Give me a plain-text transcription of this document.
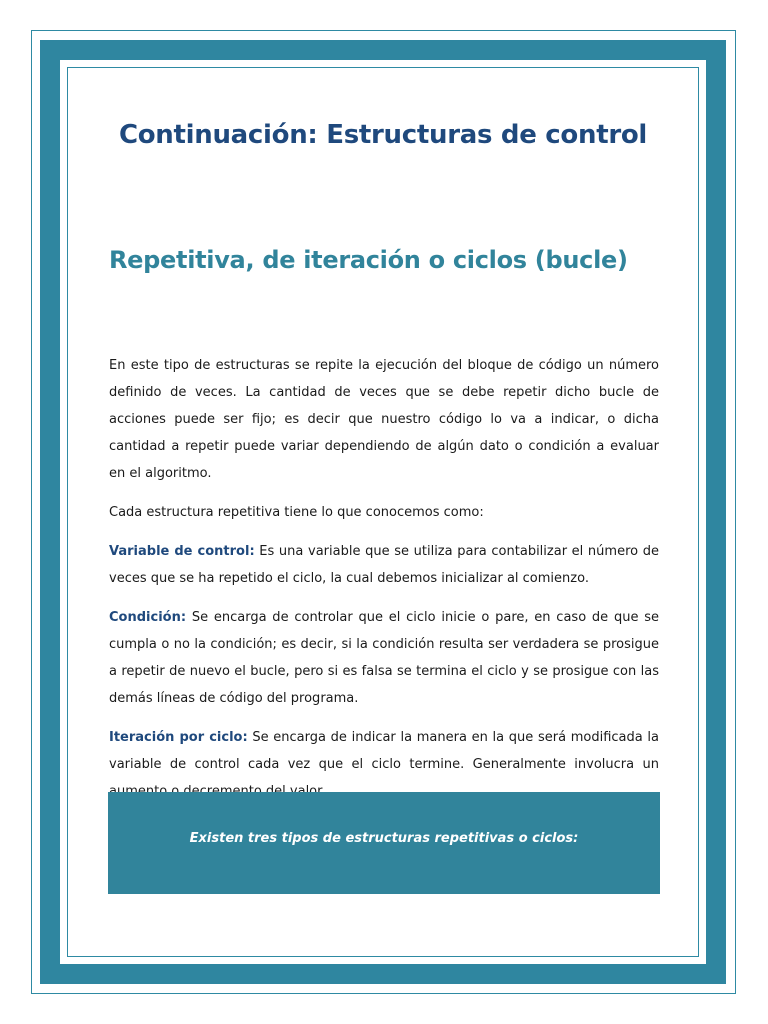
Continuación: Estructuras de control
Repetitiva, de iteración o ciclos (bucle)

En este tipo de estructuras se repite la ejecución del bloque de código un número definido de veces. La cantidad de veces que se debe repetir dicho bucle de acciones puede ser fijo; es decir que nuestro código lo va a indicar, o dicha cantidad a repetir puede variar dependiendo de algún dato o condición a evaluar en el algoritmo.

Cada estructura repetitiva tiene lo que conocemos como:

Variable de control: Es una variable que se utiliza para contabilizar el número de veces que se ha repetido el ciclo, la cual debemos inicializar al comienzo.

Condición: Se encarga de controlar que el ciclo inicie o pare, en caso de que se cumpla o no la condición; es decir, si la condición resulta ser verdadera se prosigue a repetir de nuevo el bucle, pero si es falsa se termina el ciclo y se prosigue con las demás líneas de código del programa.

Iteración por ciclo: Se encarga de indicar la manera en la que será modificada la variable de control cada vez que el ciclo termine. Generalmente involucra un

Existen tres tipos de estructuras repetitivas o ciclos:
